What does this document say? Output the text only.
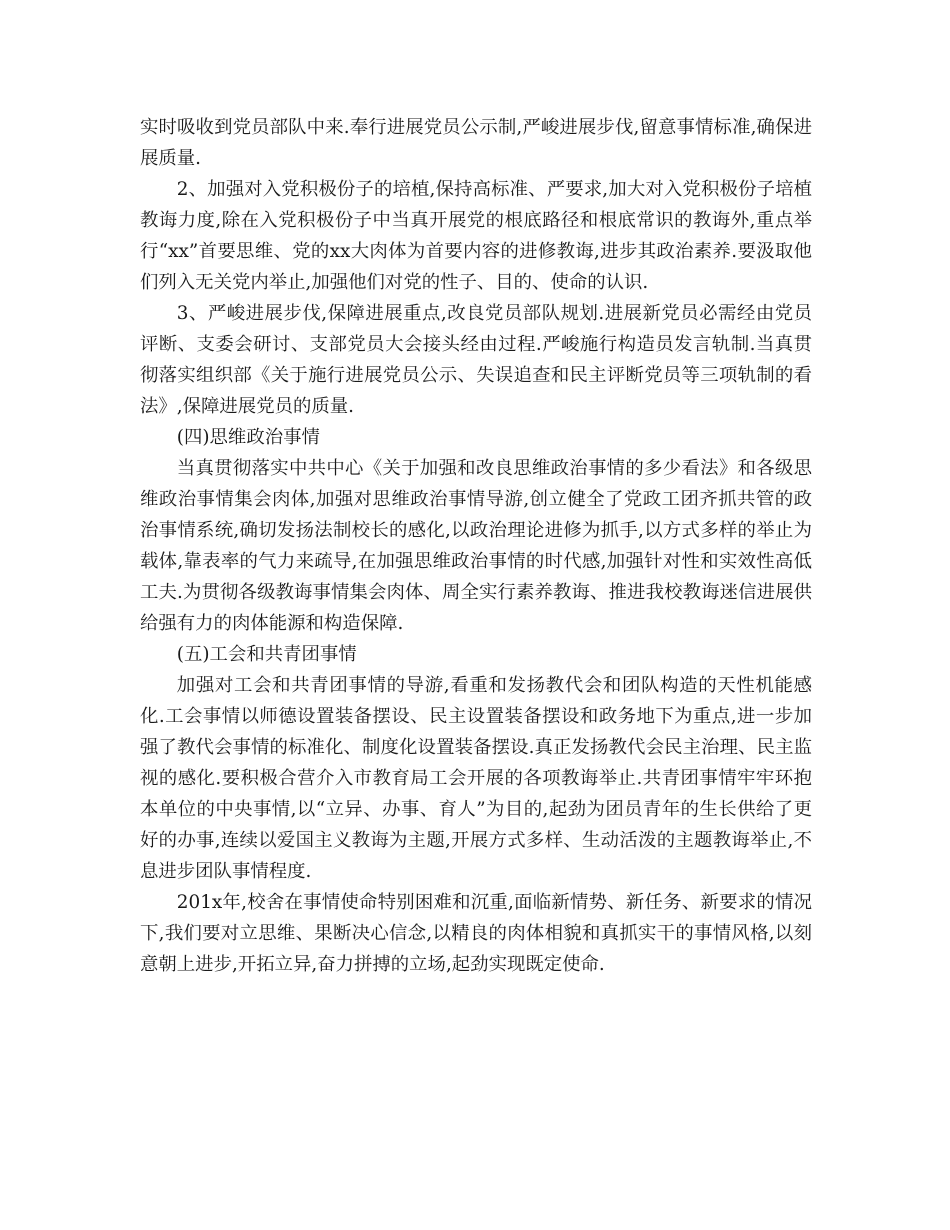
实时吸收到党员部队中来.奉行进展党员公示制,严峻进展步伐,留意事情标准,确保进展质量.

2、加强对入党积极份子的培植,保持高标准、严要求,加大对入党积极份子培植教诲力度,除在入党积极份子中当真开展党的根底路径和根底常识的教诲外,重点举行“xx”首要思维、党的xx大肉体为首要内容的进修教诲,进步其政治素养.要汲取他们列入无关党内举止,加强他们对党的性子、目的、使命的认识.

3、严峻进展步伐,保障进展重点,改良党员部队规划.进展新党员必需经由党员评断、支委会研讨、支部党员大会接头经由过程.严峻施行构造员发言轨制.当真贯彻落实组织部《关于施行进展党员公示、失误追查和民主评断党员等三项轨制的看法》,保障进展党员的质量.

(四)思维政治事情

当真贯彻落实中共中心《关于加强和改良思维政治事情的多少看法》和各级思维政治事情集会肉体,加强对思维政治事情导游,创立健全了党政工团齐抓共管的政治事情系统,确切发扬法制校长的感化,以政治理论进修为抓手,以方式多样的举止为载体,靠表率的气力来疏导,在加强思维政治事情的时代感,加强针对性和实效性高低工夫.为贯彻各级教诲事情集会肉体、周全实行素养教诲、推进我校教诲迷信进展供给强有力的肉体能源和构造保障.

(五)工会和共青团事情

加强对工会和共青团事情的导游,看重和发扬教代会和团队构造的天性机能感化.工会事情以师德设置装备摆设、民主设置装备摆设和政务地下为重点,进一步加强了教代会事情的标准化、制度化设置装备摆设.真正发扬教代会民主治理、民主监视的感化.要积极合营介入市教育局工会开展的各项教诲举止.共青团事情牢牢环抱本单位的中央事情,以“立异、办事、育人”为目的,起劲为团员青年的生长供给了更好的办事,连续以爱国主义教诲为主题,开展方式多样、生动活泼的主题教诲举止,不息进步团队事情程度.

201x年,校舍在事情使命特别困难和沉重,面临新情势、新任务、新要求的情况下,我们要对立思维、果断决心信念,以精良的肉体相貌和真抓实干的事情风格,以刻意朝上进步,开拓立异,奋力拼搏的立场,起劲实现既定使命.
